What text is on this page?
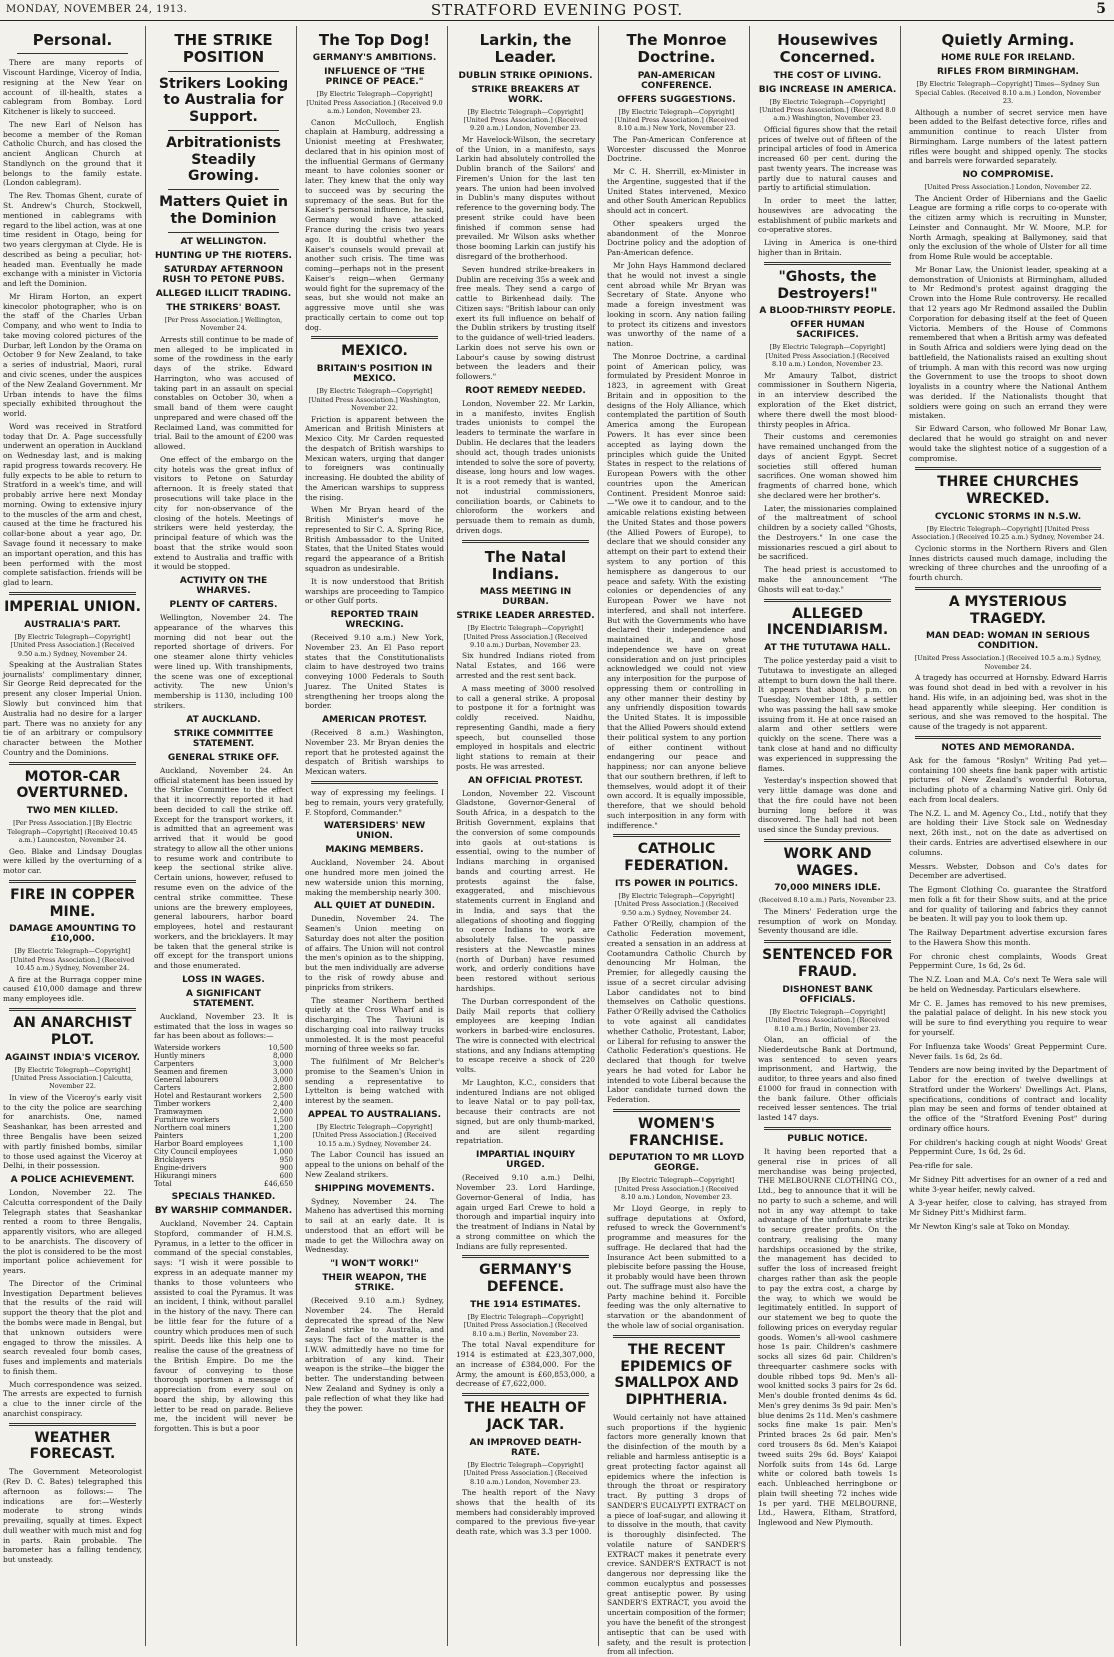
MONDAY, NOVEMBER 24, 1913.	STRATFORD EVENING POST.	5
Personal.

There are many reports of Viscount Hardinge, Viceroy of India, resigning at the New Year on account of ill-health, states a cablegram from Bombay. Lord Kitchener is likely to succeed.

The new Earl of Nelson has become a member of the Roman Catholic Church, and has closed the ancient Anglican Church at Standlynch on the ground that it belongs to the family estate. (London cablegram).

The Rev. Thomas Ghent, curate of St. Andrew's Church, Stockwell, mentioned in cablegrams with regard to the libel action, was at one time resident in Otago, being for two years clergyman at Clyde. He is described as being a peculiar, hot-headed man. Eventually he made exchange with a minister in Victoria and left the Dominion.

Mr Hiram Horton, an expert kinecolor photographer, who is on the staff of the Charles Urban Company, and who went to India to take moving colored pictures of the Durbar, left London by the Orama on October 9 for New Zealand, to take a series of industrial, Maori, rural and civic scenes, under the auspices of the New Zealand Government. Mr Urban intends to have the films specially exhibited throughout the world.

Word was received in Stratford today that Dr. A. Page successfully underwent an operation in Auckland on Wednesday last, and is making rapid progress towards recovery. He fully expects to be able to return to Stratford in a week's time, and will probably arrive here next Monday morning. Owing to extensive injury to the muscles of the arm and chest, caused at the time he fractured his collar-bone about a year ago, Dr. Savage found it necessary to make an important operation, and this has been performed with the most complete satisfaction. friends will be glad to learn.

IMPERIAL UNION.
AUSTRALIA'S PART.
[By Electric Telegraph—Copyright] [United Press Association.] (Received 9.50 a.m.) Sydney, November 24.

Speaking at the Australian States journalists' complimentary dinner, Sir George Reid deprecated for the present any closer Imperial Union. Slowly but convinced him that Australia had no desire for a larger part. There was no anxiety for any tie of an arbitrary or compulsory character between the Mother Country and the Dominions.

MOTOR-CAR OVERTURNED.
TWO MEN KILLED.
[Per Press Association.] [By Electric Telegraph—Copyright] (Received 10.45 a.m.) Launceston, November 24.

Geo. Blake and Lindsay Douglas were killed by the overturning of a motor car.

FIRE IN COPPER MINE.
DAMAGE AMOUNTING TO £10,000.
[By Electric Telegraph—Copyright] [United Press Association.] (Received 10.45 a.m.) Sydney, November 24.

A fire at the Burraga copper mine caused £10,000 damage and threw many employees idle.

AN ANARCHIST PLOT.
AGAINST INDIA'S VICEROY.
[By Electric Telegraph—Copyright] [United Press Association.] Calcutta, November 22.

In view of the Viceroy's early visit to the city the police are searching for anarchists. One, named Seashankar, has been arrested and three Bengalis have been seized with partly finished bombs, similar to those used against the Viceroy at Delhi, in their possession.

A POLICE ACHIEVEMENT.

London, November 22. The Calcutta correspondent of the Daily Telegraph states that Seashankar rented a room to three Bengalis, apparently visitors, who are alleged to be anarchists. The discovery of the plot is considered to be the most important police achievement for years.

The Director of the Criminal Investigation Department believes that the results of the raid will support the theory that the plot and the bombs were made in Bengal, but that unknown outsiders were engaged to throw the missiles. A search revealed four bomb cases, fuses and implements and materials to finish them.

Much correspondence was seized. The arrests are expected to furnish a clue to the inner circle of the anarchist conspiracy.

WEATHER FORECAST.

The Government Meteorologist (Rev D. C. Bates) telegraphed this afternoon as follows:— The indications are for:—Westerly moderate to strong winds prevailing, squally at times. Expect dull weather with much mist and fog in parts. Rain probable. The barometer has a falling tendency, but unsteady.

THE STRIKE POSITION
Strikers Looking to Australia for Support.
Arbitrationists Steadily Growing.
Matters Quiet in the Dominion
AT WELLINGTON.
HUNTING UP THE RIOTERS.
SATURDAY AFTERNOON RUSH TO PETONE PUBS.
ALLEGED ILLICIT TRADING.
THE STRIKERS' BOAST.
[Per Press Association.] Wellington, November 24.

Arrests still continue to be made of men alleged to be implicated in some of the rowdiness in the early days of the strike. Edward Harrington, who was accused of taking part in an assault on special constables on October 30, when a small band of them were caught unprepared and were chased off the Reclaimed Land, was committed for trial. Bail to the amount of £200 was allowed.

One effect of the embargo on the city hotels was the great influx of visitors to Petone on Saturday afternoon. It is freely stated that prosecutions will take place in the city for non-observance of the closing of the hotels. Meetings of strikers were held yesterday, the principal feature of which was the boast that the strike would soon extend to Australia and traffic with it would be stopped.

ACTIVITY ON THE WHARVES.
PLENTY OF CARTERS.

Wellington, November 24. The appearance of the wharves this morning did not bear out the reported shortage of drivers. For one steamer alone thirty vehicles were lined up. With transhipments, the scene was one of exceptional activity. The new Union's membership is 1130, including 100 strikers.

AT AUCKLAND.
STRIKE COMMITTEE STATEMENT.
GENERAL STRIKE OFF.

Auckland, November 24. An official statement has been issued by the Strike Committee to the effect that it incorrectly reported it had been decided to call the strike off. Except for the transport workers, it is admitted that an agreement was arrived that it would be good strategy to allow all the other unions to resume work and contribute to keep the sectional strike alive. Certain unions, however, refused to resume even on the advice of the central strike committee. These unions are the brewery employees, general labourers, harbor board employees, hotel and restaurant workers, and the bricklayers. It may be taken that the general strike is off except for the transport unions and those enumerated.

LOSS IN WAGES.
A SIGNIFICANT STATEMENT.

Auckland, November 23. It is estimated that the loss in wages so far has been about as follows:—

Waterside workers	10,500
Huntly miners	8,000
Carpenters	3,000
Seamen and firemen	3,000
General labourers	3,000
Carters	2,800
Hotel and Restaurant workers	2,500
Timber workers	2,400
Tramwaymen	2,000
Furniture workers	1,500
Northern coal miners	1,200
Painters	1,200
Harbor Board employees	1,100
City Council employees	1,000
Bricklayers	950
Engine-drivers	900
Hikurangi miners	600
Total	£46,650
SPECIALS THANKED.
BY WARSHIP COMMANDER.

Auckland, November 24. Captain Stopford, commander of H.M.S. Pyramus, in a letter to the officer in command of the special constables, says: "I wish it were possible to express in an adequate manner my thanks to those volunteers who assisted to coal the Pyramus. It was an incident, I think, without parallel in the history of the navy. There can be little fear for the future of a country which produces men of such spirit. Deeds like this help one to realise the cause of the greatness of the British Empire. Do me the favour of conveying to those thorough sportsmen a message of appreciation from every soul on board the ship, by allowing this letter to be read on parade. Believe me, the incident will never be forgotten. This is but a poor

The Top Dog!
GERMANY'S AMBITIONS.
INFLUENCE OF "THE PRINCE OF PEACE."
[By Electric Telegraph—Copyright] [United Press Association.] (Received 9.0 a.m.) London, November 23.

Canon McCulloch, English chaplain at Hamburg, addressing a Unionist meeting at Freshwater, declared that in his opinion most of the influential Germans of Germany meant to have colonies sooner or later. They knew that the only way to succeed was by securing the supremacy of the seas. But for the Kaiser's personal influence, he said, Germany would have attacked France during the crisis two years ago. It is doubtful whether the Kaiser's counsels would prevail at another such crisis. The time was coming—perhaps not in the present Kaiser's reign—when Germany would fight for the supremacy of the seas, but she would not make an aggressive move until she was practically certain to come out top dog.

MEXICO.
BRITAIN'S POSITION IN MEXICO.
[By Electric Telegraph—Copyright] [United Press Association.] Washington, November 22.

Friction is apparent between the American and British Ministers at Mexico City. Mr Carden requested the despatch of British warships to Mexican waters, urging that danger to foreigners was continually increasing. He doubted the ability of the American warships to suppress the rising.

When Mr Bryan heard of the British Minister's move he represented to Sir C. A. Spring Rice, British Ambassador to the United States, that the United States would regard the appearance of a British squadron as undesirable.

It is now understood that British warships are proceeding to Tampico or other Gulf ports.

REPORTED TRAIN WRECKING.

(Received 9.10 a.m.) New York, November 23. An El Paso report states that the Constitutionalists claim to have destroyed two trains conveying 1000 Federals to South Juarez. The United States is strengthening her troops along the border.

AMERICAN PROTEST.

(Received 8 a.m.) Washington, November 23. Mr Bryan denies the report that he protested against the despatch of British warships to Mexican waters.

way of expressing my feelings. I beg to remain, yours very gratefully, F. Stopford, Commander."

WATERSIDERS' NEW UNION.
MAKING MEMBERS.

Auckland, November 24. About one hundred more men joined the new waterside union this morning, making the membership nearly 300.

ALL QUIET AT DUNEDIN.

Dunedin, November 24. The Seamen's Union meeting on Saturday does not alter the position of affairs. The Union will not control the men's opinion as to the shipping, but the men individually are adverse to the risk of rowdy abuse and pinpricks from strikers.

The steamer Northern berthed quietly at the Cross Wharf and is discharging. The Taviuni is discharging coal into railway trucks unmolested. It is the most peaceful morning of three weeks so far.

The fulfilment of Mr Belcher's promise to the Seamen's Union in sending a representative to Lyttelton is being watched with interest by the seamen.

APPEAL TO AUSTRALIANS.
[By Electric Telegraph—Copyright] [United Press Association.] (Received 10.15 a.m.) Sydney, November 24.

The Labor Council has issued an appeal to the unions on behalf of the New Zealand strikers.

SHIPPING MOVEMENTS.

Sydney, November 24. The Maheno has advertised this morning to sail at an early date. It is understood that an effort will be made to get the Willochra away on Wednesday.

"I WON'T WORK!"
THEIR WEAPON, THE STRIKE.

(Received 9.10 a.m.) Sydney, November 24. The Herald deprecated the spread of the New Zealand strike to Australia, and says: The fact of the matter is the I.W.W. admittedly have no time for arbitration of any kind. Their weapon is the strike—the bigger the better. The understanding between New Zealand and Sydney is only a pale reflection of what they like had they the power.

Larkin, the Leader.
DUBLIN STRIKE OPINIONS.
STRIKE BREAKERS AT WORK.
[By Electric Telegraph—Copyright] [United Press Association.] (Received 9.20 a.m.) London, November 23.

Mr Havelock-Wilson, the secretary of the Union, in a manifesto, says Larkin had absolutely controlled the Dublin branch of the Sailors' and Firemen's Union for the last ten years. The union had been involved in Dublin's many disputes without reference to the governing body. The present strike could have been finished if common sense had prevailed. Mr Wilson asks whether those booming Larkin can justify his disregard of the brotherhood.

Seven hundred strike-breakers in Dublin are receiving 35s a week and free meals. They send a cargo of cattle to Birkenhead daily. The Citizen says: "British labour can only exert its full influence on behalf of the Dublin strikers by trusting itself to the guidance of well-tried leaders. Larkin does not serve his own or Labour's cause by sowing distrust between the leaders and their followers."

ROOT REMEDY NEEDED.

London, November 22. Mr Larkin, in a manifesto, invites English trades unionists to compel the leaders to terminate the warfare in Dublin. He declares that the leaders should act, though trades unionists intended to solve the sore of poverty, disease, long hours and low wages. It is a root remedy that is wanted, not industrial commissioners, conciliation boards, or Cabinets to chloroform the workers and persuade them to remain as dumb, driven dogs.

The Natal Indians.
MASS MEETING IN DURBAN.
STRIKE LEADER ARRESTED.
[By Electric Telegraph—Copyright] [United Press Association.] (Received 9.10 a.m.) Durban, November 23.

Six hundred Indians rioted from Natal Estates, and 166 were arrested and the rest sent back.

A mass meeting of 3000 resolved to call a general strike. A proposal to postpone it for a fortnight was coldly received. Naidhu, representing Gandhi, made a fiery speech, but counselled those employed in hospitals and electric light stations to remain at their posts. He was arrested.

AN OFFICIAL PROTEST.

London, November 22. Viscount Gladstone, Governor-General of South Africa, in a despatch to the British Government, explains that the conversion of some compounds into gaols at out-stations is essential, owing to the number of Indians marching in organised bands and courting arrest. He protests against the false, exaggerated, and mischievous statements current in England and in India, and says that the allegations of shooting and flogging to coerce Indians to work are absolutely false. The passive resisters at the Newcastle mines (north of Durban) have resumed work, and orderly conditions have been restored without serious hardships.

The Durban correspondent of the Daily Mail reports that colliery employees are keeping Indian workers in barbed-wire enclosures. The wire is connected with electrical stations, and any Indians attempting to escape receive a shock of 220 volts.

Mr Laughton, K.C., considers that indentured Indians are not obliged to leave Natal or to pay poll-tax, because their contracts are not signed, but are only thumb-marked, and are silent regarding repatriation.

IMPARTIAL INQUIRY URGED.

(Received 9.10 a.m.) Delhi, November 23. Lord Hardinge, Governor-General of India, has again urged Earl Crewe to hold a thorough and impartial inquiry into the treatment of Indians in Natal by a strong committee on which the Indians are fully represented.

GERMANY'S DEFENCE.
THE 1914 ESTIMATES.
[By Electric Telegraph—Copyright] [United Press Association.] (Received 8.10 a.m.) Berlin, November 23.

The total Naval expenditure for 1914 is estimated at £23,307,000, an increase of £384,000. For the Army, the amount is £60,853,000, a decrease of £7,622,000.

THE HEALTH OF JACK TAR.
AN IMPROVED DEATH-RATE.
[By Electric Telegraph—Copyright] [United Press Association.] (Received 8.10 a.m.) London, November 23.

The health report of the Navy shows that the health of its members had considerably improved compared to the previous five-year death rate, which was 3.3 per 1000.

The Monroe Doctrine.
PAN-AMERICAN CONFERENCE.
OFFERS SUGGESTIONS.
[By Electric Telegraph—Copyright] [United Press Association.] (Received 8.10 a.m.) New York, November 23.

The Pan-American Conference at Worcester discussed the Monroe Doctrine.

Mr C. H. Sherrill, ex-Minister in the Argentine, suggested that if the United States intervened, Mexico and other South American Republics should act in concert.

Other speakers urged the abandonment of the Monroe Doctrine policy and the adoption of Pan-American defence.

Mr John Hays Hammond declared that he would not invest a single cent abroad while Mr Bryan was Secretary of State. Anyone who made a foreign investment was looking in scorn. Any nation failing to protect its citizens and investors was unworthy of the name of a nation.

The Monroe Doctrine, a cardinal point of American policy, was formulated by President Monroe in 1823, in agreement with Great Britain and in opposition to the designs of the Holy Alliance, which contemplated the partition of South America among the European Powers. It has ever since been accepted as laying down the principles which guide the United States in respect to the relations of European Powers with the other countries upon the American Continent. President Monroe said:—"We owe it to candour, and to the amicable relations existing between the United States and those powers (the Allied Powers of Europe), to declare that we should consider any attempt on their part to extend their system to any portion of this hemisphere as dangerous to our peace and safety. With the existing colonies or dependencies of any European Power we have not interfered, and shall not interfere. But with the Governments who have declared their independence and maintained it, and whose independence we have on great consideration and on just principles acknowledged we could not view any interposition for the purpose of oppressing them or controlling in any other manner their destiny by any unfriendly disposition towards the United States. It is impossible that the Allied Powers should extend their political system to any portion of either continent without endangering our peace and happiness; nor can anyone believe that our southern brethren, if left to themselves, would adopt it of their own accord. It is equally impossible, therefore, that we should behold such interposition in any form with indifference."

CATHOLIC FEDERATION.
ITS POWER IN POLITICS.
[By Electric Telegraph—Copyright] [United Press Association.] (Received 9.50 a.m.) Sydney, November 24.

Father O'Reilly, champion of the Catholic Federation movement, created a sensation in an address at Cootamundra Catholic Church by denouncing Mr Holman, the Premier, for allegedly causing the issue of a secret circular advising Labor candidates not to bind themselves on Catholic questions. Father O'Reilly advised the Catholics to vote against all candidates whether Catholic, Protestant, Labor, or Liberal for refusing to answer the Catholic Federation's questions. He declared that though for twelve years he had voted for Labor he intended to vote Liberal because the Labor candidate turned down the Federation.

WOMEN'S FRANCHISE.
DEPUTATION TO MR LLOYD GEORGE.
[By Electric Telegraph—Copyright] [United Press Association.] (Received 8.10 a.m.) London, November 23.

Mr Lloyd George, in reply to suffrage deputations at Oxford, refused to wreck the Government's programme and measures for the suffrage. He declared that had the Insurance Act been submitted to a plebiscite before passing the House, it probably would have been thrown out. The suffrage must also have the Party machine behind it. Forcible feeding was the only alternative to starvation or the abandonment of the whole law of social organisation.

THE RECENT EPIDEMICS OF SMALLPOX AND DIPHTHERIA.

Would certainly not have attained such proportions if the hygienic factors more generally known that the disinfection of the mouth by a reliable and harmless antiseptic is a great protecting factor against all epidemics where the infection is through the throat or respiratory tract. By putting 3 drops of SANDER'S EUCALYPTI EXTRACT on a piece of loaf-sugar, and allowing it to dissolve in the mouth, that cavity is thoroughly disinfected. The volatile nature of SANDER'S EXTRACT makes it penetrate every crevice. SANDER'S EXTRACT is not dangerous nor depressing like the common eucalyptus and possesses great antiseptic power. By using SANDER'S EXTRACT, you avoid the uncertain composition of the former; you have the benefit of the strongest antiseptic that can be used with safety, and the result is protection from all infection.

Housewives Concerned.
THE COST OF LIVING.
BIG INCREASE IN AMERICA.
[By Electric Telegraph—Copyright] [United Press Association.] (Received 8.0 a.m.) Washington, November 23.

Official figures show that the retail prices of twelve out of fifteen of the principal articles of food in America increased 60 per cent. during the past twenty years. The increase was partly due to natural causes and partly to artificial stimulation.

In order to meet the latter, housewives are advocating the establishment of public markets and co-operative stores.

Living in America is one-third higher than in Britain.

"Ghosts, the Destroyers!"
A BLOOD-THIRSTY PEOPLE.
OFFER HUMAN SACRIFICES.
[By Electric Telegraph—Copyright] [United Press Association.] (Received 8.10 a.m.) London, November 23.

Mr Amaury Talbot, district commissioner in Southern Nigeria, in an interview described the exploration of the Eket district, where there dwell the most blood-thirsty peoples in Africa.

Their customs and ceremonies have remained unchanged from the days of ancient Egypt. Secret societies still offered human sacrifices. One woman showed him fragments of charred bone, which she declared were her brother's.

Later, the missionaries complained of the maltreatment of school children by a society called "Ghosts, the Destroyers." In one case the missionaries rescued a girl about to be sacrificed.

The head priest is accustomed to make the announcement "The Ghosts will eat to-day."

ALLEGED INCENDIARISM.
AT THE TUTUTAWA HALL.

The police yesterday paid a visit to Tututawa to investigate an alleged attempt to burn down the hall there. It appears that about 9 p.m. on Tuesday, November 18th, a settler who was passing the hall saw smoke issuing from it. He at once raised an alarm and other settlers were quickly on the scene. There was a tank close at hand and no difficulty was experienced in suppressing the flames.

Yesterday's inspection showed that very little damage was done and that the fire could have not been burning long before it was discovered. The hall had not been used since the Sunday previous.

WORK AND WAGES.
70,000 MINERS IDLE.
(Received 8.10 a.m.) Paris, November 23.

The Miners' Federation urge the resumption of work on Monday. Seventy thousand are idle.

SENTENCED FOR FRAUD.
DISHONEST BANK OFFICIALS.
[By Electric Telegraph—Copyright] [United Press Association.] (Received 8.10 a.m.) Berlin, November 23.

Olan, an official of the Niederdeutsche Bank at Dortmund, was sentenced to seven years imprisonment, and Hartwig, the auditor, to three years and also fined £1000 for fraud in connection with the bank failure. Other officials received lesser sentences. The trial lasted 147 days.

PUBLIC NOTICE.

It having been reported that a general rise in prices of all merchandise was being projected, THE MELBOURNE CLOTHING CO., Ltd., beg to announce that it will be no party to such a scheme, and will not in any way attempt to take advantage of the unfortunate strike to secure greater profits. On the contrary, realising the many hardships occasioned by the strike, the management has decided to suffer the loss of increased freight charges rather than ask the people to pay the extra cost, a charge by the way, to which we would be legitimately entitled. In support of our statement we beg to quote the following prices on everyday regular goods. Women's all-wool cashmere hose 1s pair. Children's cashmere socks all sizes 6d pair. Children's threequarter cashmere socks with double ribbed tops 9d. Men's all-wool knitted socks 3 pairs for 2s 6d. Men's double fronted denims 4s 6d. Men's grey denims 3s 9d pair. Men's blue denims 2s 11d. Men's cashmere socks fine make 1s pair. Men's Printed braces 2s 6d pair. Men's cord trousers 8s 6d. Men's Kaiapoi tweed suits 29s 6d. Boys' Kaiapoi Norfolk suits from 14s 6d. Large white or colored bath towels 1s each. Unbleached herringbone or plain twill sheeting 72 inches wide 1s per yard. THE MELBOURNE, Ltd., Hawera, Eltham, Stratford, Inglewood and New Plymouth.

Quietly Arming.
HOME RULE FOR IRELAND.
RIFLES FROM BIRMINGHAM.
[By Electric Telegraph—Copyright] Times—Sydney Sun Special Cables. (Received 8.10 a.m.) London, November 23.

Although a number of secret service men have been added to the Belfast detective force, rifles and ammunition continue to reach Ulster from Birmingham. Large numbers of the latest pattern rifles were bought and shipped openly. The stocks and barrels were forwarded separately.

NO COMPROMISE.
[United Press Association.] London, November 22.

The Ancient Order of Hibernians and the Gaelic League are forming a rifle corps to co-operate with the citizen army which is recruiting in Munster, Leinster and Connaught. Mr W. Moore, M.P. for North Armagh, speaking at Ballymoney, said that only the exclusion of the whole of Ulster for all time from Home Rule would be acceptable.

Mr Bonar Law, the Unionist leader, speaking at a demonstration of Unionists at Birmingham, alluded to Mr Redmond's protest against dragging the Crown into the Home Rule controversy. He recalled that 12 years ago Mr Redmond assailed the Dublin Corporation for debasing itself at the feet of Queen Victoria. Members of the House of Commons remembered that when a British army was defeated in South Africa and soldiers were lying dead on the battlefield, the Nationalists raised an exulting shout of triumph. A man with this record was now urging the Government to use the troops to shoot down loyalists in a country where the National Anthem was derided. If the Nationalists thought that soldiers were going on such an errand they were mistaken.

Sir Edward Carson, who followed Mr Bonar Law, declared that he would go straight on and never would take the slightest notice of a suggestion of a compromise.

THREE CHURCHES WRECKED.
CYCLONIC STORMS IN N.S.W.
[By Electric Telegraph—Copyright] [United Press Association.] (Received 10.25 a.m.) Sydney, November 24.

Cyclonic storms in the Northern Rivers and Glen Innes districts caused much damage, including the wrecking of three churches and the unroofing of a fourth church.

A MYSTERIOUS TRAGEDY.
MAN DEAD: WOMAN IN SERIOUS CONDITION.
[United Press Association.] (Received 10.5 a.m.) Sydney, November 24.

A tragedy has occurred at Hornsby. Edward Harris was found shot dead in bed with a revolver in his hand. His wife, in an adjoining bed, was shot in the head apparently while sleeping. Her condition is serious, and she was removed to the hospital. The cause of the tragedy is not apparent.

NOTES AND MEMORANDA.
Ask for the famous "Roslyn" Writing Pad yet—containing 100 sheets fine bank paper with artistic pictures of New Zealand's wonderful Rotorua, including photo of a charming Native girl. Only 6d each from local dealers.
The N.Z. L. and M. Agency Co., Ltd., notify that they are holding their Live Stock sale on Wednesday next, 26th inst., not on the date as advertised on their cards. Entries are advertised elsewhere in our columns.
Messrs. Webster, Dobson and Co's dates for December are advertised.
The Egmont Clothing Co. guarantee the Stratford men folk a fit for their Show suits, and at the price and for quality of tailoring and fabrics they cannot be beaten. It will pay you to look them up.
The Railway Department advertise excursion fares to the Hawera Show this month.
For chronic chest complaints, Woods Great Peppermint Cure, 1s 6d, 2s 6d.
The N.Z. Loan and M.A. Co's next Te Wera sale will be held on Wednesday. Particulars elsewhere.
Mr C. E. James has removed to his new premises, the palatial palace of delight. In his new stock you will be sure to find everything you require to wear for yourself.
For Influenza take Woods' Great Peppermint Cure. Never fails. 1s 6d, 2s 6d.
Tenders are now being invited by the Department of Labor for the erection of twelve dwellings at Stratford under the Workers' Dwellings Act. Plans, specifications, conditions of contract and locality plan may be seen and forms of tender obtained at the office of the "Stratford Evening Post" during ordinary office hours.
For children's hacking cough at night Woods' Great Peppermint Cure, 1s 6d, 2s 6d.
Pea-rifle for sale.
Mr Sidney Pitt advertises for an owner of a red and white 3-year heifer, newly calved.
A 3-year heifer, close to calving, has strayed from Mr Sidney Pitt's Midhirst farm.
Mr Newton King's sale at Toko on Monday.
